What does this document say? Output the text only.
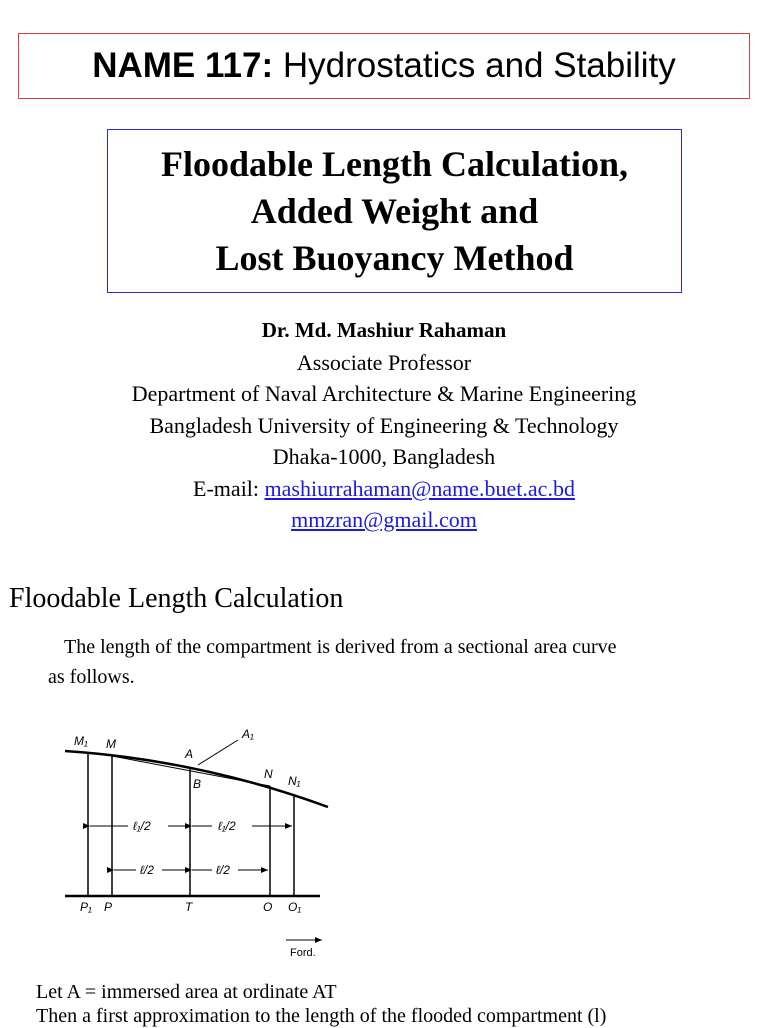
NAME 117: Hydrostatics and Stability
Floodable Length Calculation,
Added Weight and
Lost Buoyancy Method
Dr. Md. Mashiur Rahaman
Associate Professor
Department of Naval Architecture & Marine Engineering
Bangladesh University of Engineering & Technology
Dhaka-1000, Bangladesh
E-mail: mashiurrahaman@name.buet.ac.bd
mmzran@gmail.com
Floodable Length Calculation
The length of the compartment is derived from a sectional area curve
as follows.
M₁ M
A
A₁
B
N N₁
ℓ₁/2	ℓ₁/2
ℓ/2	ℓ/2
P₁ P	T	O O₁
Ford.
Let A = immersed area at ordinate AT
Then a first approximation to the length of the flooded compartment (l)
